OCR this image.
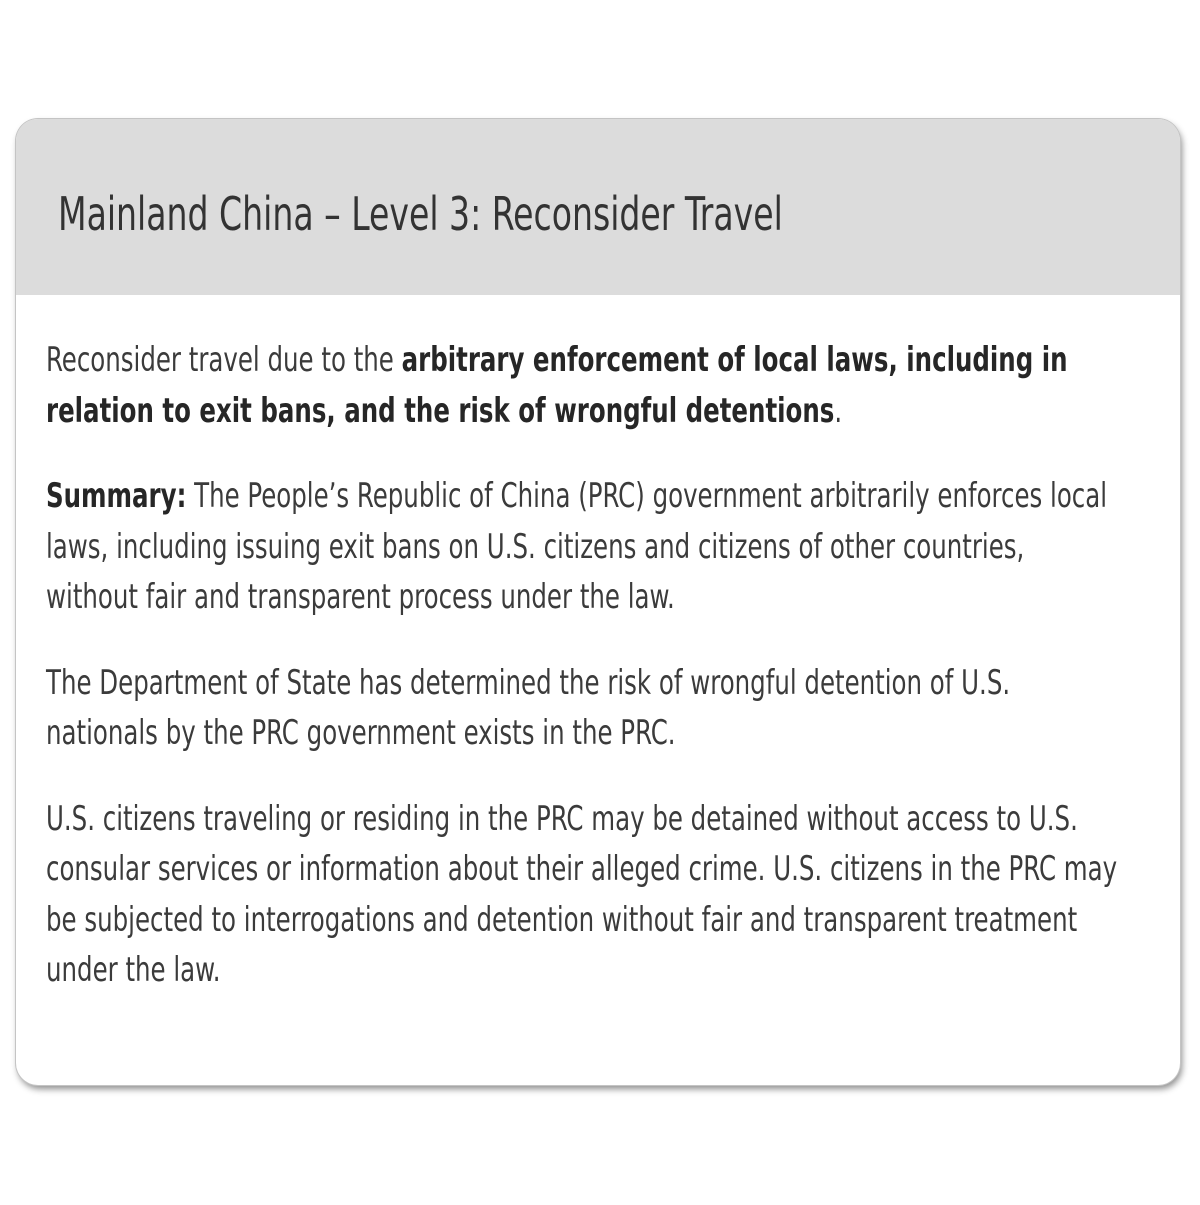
Mainland China – Level 3: Reconsider Travel

Reconsider travel due to the arbitrary enforcement of local laws, including in relation to exit bans, and the risk of wrongful detentions.

Summary: The People’s Republic of China (PRC) government arbitrarily enforces local laws, including issuing exit bans on U.S. citizens and citizens of other countries, without fair and transparent process under the law.

The Department of State has determined the risk of wrongful detention of U.S. nationals by the PRC government exists in the PRC.

U.S. citizens traveling or residing in the PRC may be detained without access to U.S. consular services or information about their alleged crime. U.S. citizens in the PRC may be subjected to interrogations and detention without fair and transparent treatment under the law.
